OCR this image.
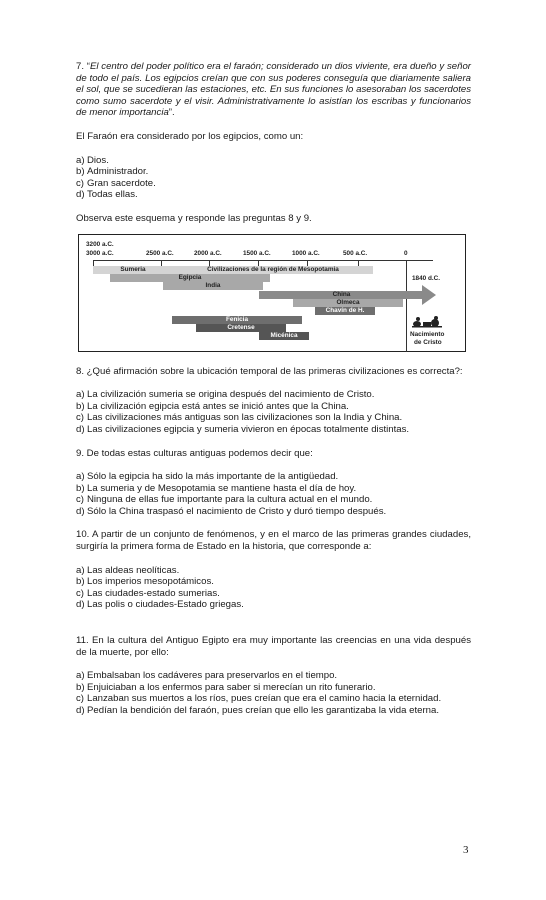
7. “El centro del poder político era el faraón; considerado un dios viviente, era dueño y señor de todo el país. Los egipcios creían que con sus poderes conseguía que diariamente saliera el sol, que se sucedieran las estaciones, etc. En sus funciones lo asesoraban los sacerdotes como sumo sacerdote y el visir. Administrativamente lo asistían los escribas y funcionarios de menor importancia”.

El Faraón era considerado por los egipcios, como un:

a) Dios.
b) Administrador.
c) Gran sacerdote.
d) Todas ellas.

Observa este esquema y responde las preguntas 8 y 9.

3200 a.C.
3000 a.C.	2500 a.C.	2000 a.C.	1500 a.C.	1000 a.C.	500 a.C.	0
Sumeria	Civilizaciones de la región de Mesopotamia
Egipcia
India
China
Olmeca
Chavín de H.
Fenicia
Cretense
Micénica
1840 d.C.
Nacimiento
de Cristo

8. ¿Qué afirmación sobre la ubicación temporal de las primeras civilizaciones es correcta?:

a) La civilización sumeria se origina después del nacimiento de Cristo.
b) La civilización egipcia está antes se inició antes que la China.
c) Las civilizaciones más antiguas son las civilizaciones son la India y China.
d) Las civilizaciones egipcia y sumeria vivieron en épocas totalmente distintas.

9. De todas estas culturas antiguas podemos decir que:

a) Sólo la egipcia ha sido la más importante de la antigüedad.
b) La sumeria y de Mesopotamia se mantiene hasta el día de hoy.
c) Ninguna de ellas fue importante para la cultura actual en el mundo.
d) Sólo la China traspasó el nacimiento de Cristo y duró tiempo después.

10. A partir de un conjunto de fenómenos, y en el marco de las primeras grandes ciudades, surgiría la primera forma de Estado en la historia, que corresponde a:

a) Las aldeas neolíticas.
b) Los imperios mesopotámicos.
c) Las ciudades-estado sumerias.
d) Las polis o ciudades-Estado griegas.

11. En la cultura del Antiguo Egipto era muy importante las creencias en una vida después de la muerte, por ello:

a) Embalsaban los cadáveres para preservarlos en el tiempo.
b) Enjuiciaban a los enfermos para saber si merecían un rito funerario.
c) Lanzaban sus muertos a los ríos, pues creían que era el camino hacia la eternidad.
d) Pedían la bendición del faraón, pues creían que ello les garantizaba la vida eterna.
3
